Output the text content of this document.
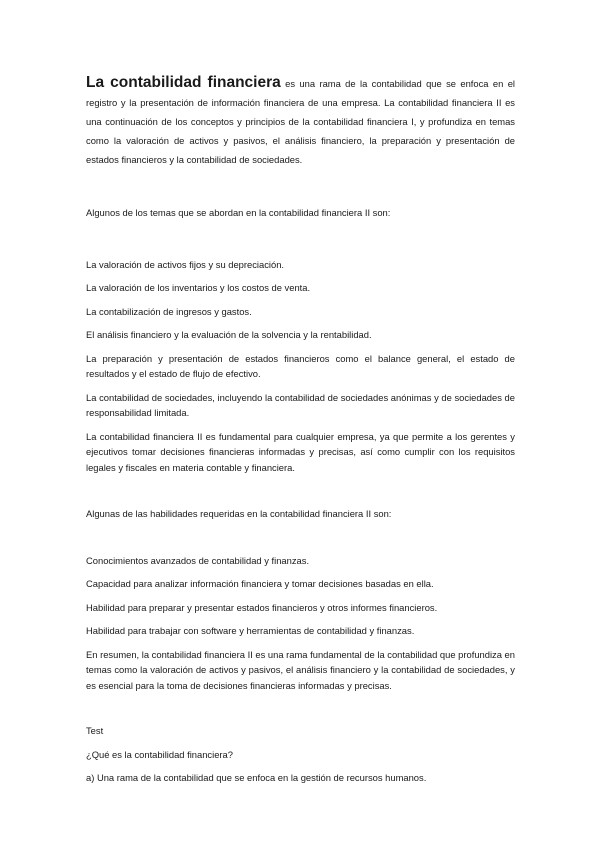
La contabilidad financiera es una rama de la contabilidad que se enfoca en el registro y la presentación de información financiera de una empresa. La contabilidad financiera II es una continuación de los conceptos y principios de la contabilidad financiera I, y profundiza en temas como la valoración de activos y pasivos, el análisis financiero, la preparación y presentación de estados financieros y la contabilidad de sociedades.

Algunos de los temas que se abordan en la contabilidad financiera II son:

La valoración de activos fijos y su depreciación.

La valoración de los inventarios y los costos de venta.

La contabilización de ingresos y gastos.

El análisis financiero y la evaluación de la solvencia y la rentabilidad.

La preparación y presentación de estados financieros como el balance general, el estado de resultados y el estado de flujo de efectivo.

La contabilidad de sociedades, incluyendo la contabilidad de sociedades anónimas y de sociedades de responsabilidad limitada.

La contabilidad financiera II es fundamental para cualquier empresa, ya que permite a los gerentes y ejecutivos tomar decisiones financieras informadas y precisas, así como cumplir con los requisitos legales y fiscales en materia contable y financiera.

Algunas de las habilidades requeridas en la contabilidad financiera II son:

Conocimientos avanzados de contabilidad y finanzas.

Capacidad para analizar información financiera y tomar decisiones basadas en ella.

Habilidad para preparar y presentar estados financieros y otros informes financieros.

Habilidad para trabajar con software y herramientas de contabilidad y finanzas.

En resumen, la contabilidad financiera II es una rama fundamental de la contabilidad que profundiza en temas como la valoración de activos y pasivos, el análisis financiero y la contabilidad de sociedades, y es esencial para la toma de decisiones financieras informadas y precisas.

Test

¿Qué es la contabilidad financiera?

a) Una rama de la contabilidad que se enfoca en la gestión de recursos humanos.
